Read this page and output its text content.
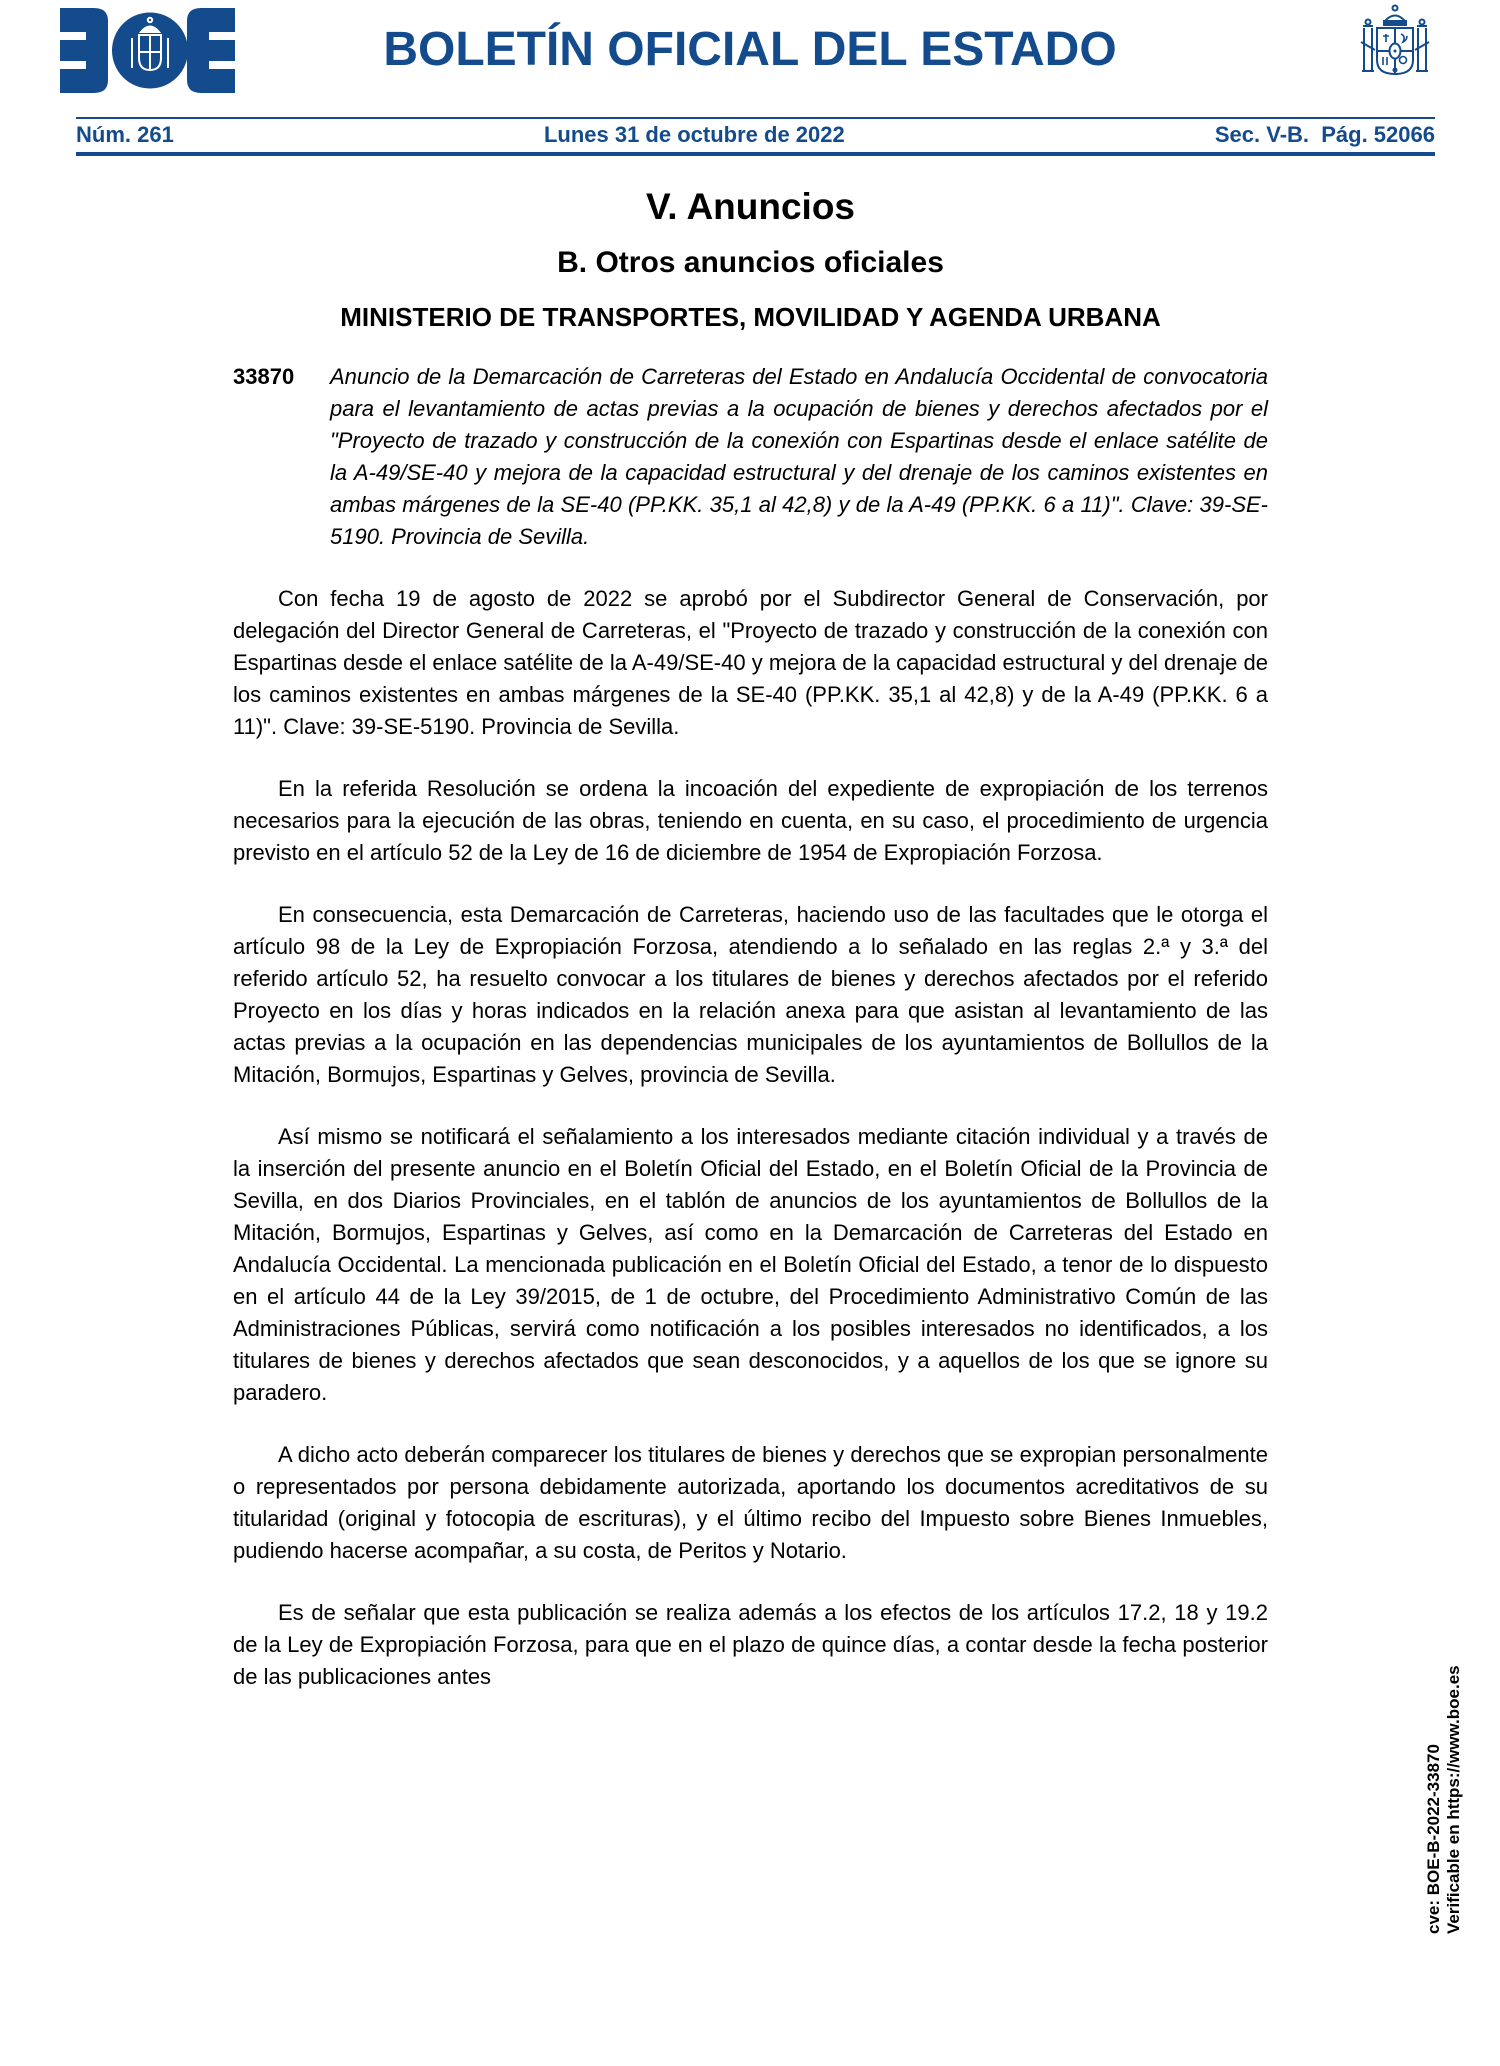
BOLETÍN OFICIAL DEL ESTADO
Núm. 261	Lunes 31 de octubre de 2022	Sec. V-B.  Pág. 52066
V. Anuncios
B. Otros anuncios oficiales
MINISTERIO DE TRANSPORTES, MOVILIDAD Y AGENDA URBANA
33870	Anuncio de la Demarcación de Carreteras del Estado en Andalucía Occidental de convocatoria para el levantamiento de actas previas a la ocupación de bienes y derechos afectados por el "Proyecto de trazado y construcción de la conexión con Espartinas desde el enlace satélite de la A-49/SE-40 y mejora de la capacidad estructural y del drenaje de los caminos existentes en ambas márgenes de la SE-40 (PP.KK. 35,1 al 42,8) y de la A-49 (PP.KK. 6 a 11)". Clave: 39-SE-5190. Provincia de Sevilla.

Con fecha 19 de agosto de 2022 se aprobó por el Subdirector General de Conservación, por delegación del Director General de Carreteras, el "Proyecto de trazado y construcción de la conexión con Espartinas desde el enlace satélite de la A-49/SE-40 y mejora de la capacidad estructural y del drenaje de los caminos existentes en ambas márgenes de la SE-40 (PP.KK. 35,1 al 42,8) y de la A-49 (PP.KK. 6 a 11)". Clave: 39-SE-5190. Provincia de Sevilla.

En la referida Resolución se ordena la incoación del expediente de expropiación de los terrenos necesarios para la ejecución de las obras, teniendo en cuenta, en su caso, el procedimiento de urgencia previsto en el artículo 52 de la Ley de 16 de diciembre de 1954 de Expropiación Forzosa.

En consecuencia, esta Demarcación de Carreteras, haciendo uso de las facultades que le otorga el artículo 98 de la Ley de Expropiación Forzosa, atendiendo a lo señalado en las reglas 2.ª y 3.ª del referido artículo 52, ha resuelto convocar a los titulares de bienes y derechos afectados por el referido Proyecto en los días y horas indicados en la relación anexa para que asistan al levantamiento de las actas previas a la ocupación en las dependencias municipales de los ayuntamientos de Bollullos de la Mitación, Bormujos, Espartinas y Gelves, provincia de Sevilla.

Así mismo se notificará el señalamiento a los interesados mediante citación individual y a través de la inserción del presente anuncio en el Boletín Oficial del Estado, en el Boletín Oficial de la Provincia de Sevilla, en dos Diarios Provinciales, en el tablón de anuncios de los ayuntamientos de Bollullos de la Mitación, Bormujos, Espartinas y Gelves, así como en la Demarcación de Carreteras del Estado en Andalucía Occidental. La mencionada publicación en el Boletín Oficial del Estado, a tenor de lo dispuesto en el artículo 44 de la Ley 39/2015, de 1 de octubre, del Procedimiento Administrativo Común de las Administraciones Públicas, servirá como notificación a los posibles interesados no identificados, a los titulares de bienes y derechos afectados que sean desconocidos, y a aquellos de los que se ignore su paradero.

A dicho acto deberán comparecer los titulares de bienes y derechos que se expropian personalmente o representados por persona debidamente autorizada, aportando los documentos acreditativos de su titularidad (original y fotocopia de escrituras), y el último recibo del Impuesto sobre Bienes Inmuebles, pudiendo hacerse acompañar, a su costa, de Peritos y Notario.

Es de señalar que esta publicación se realiza además a los efectos de los artículos 17.2, 18 y 19.2 de la Ley de Expropiación Forzosa, para que en el plazo de quince días, a contar desde la fecha posterior de las publicaciones antes

cve: BOE-B-2022-33870 Verificable en https://www.boe.es
